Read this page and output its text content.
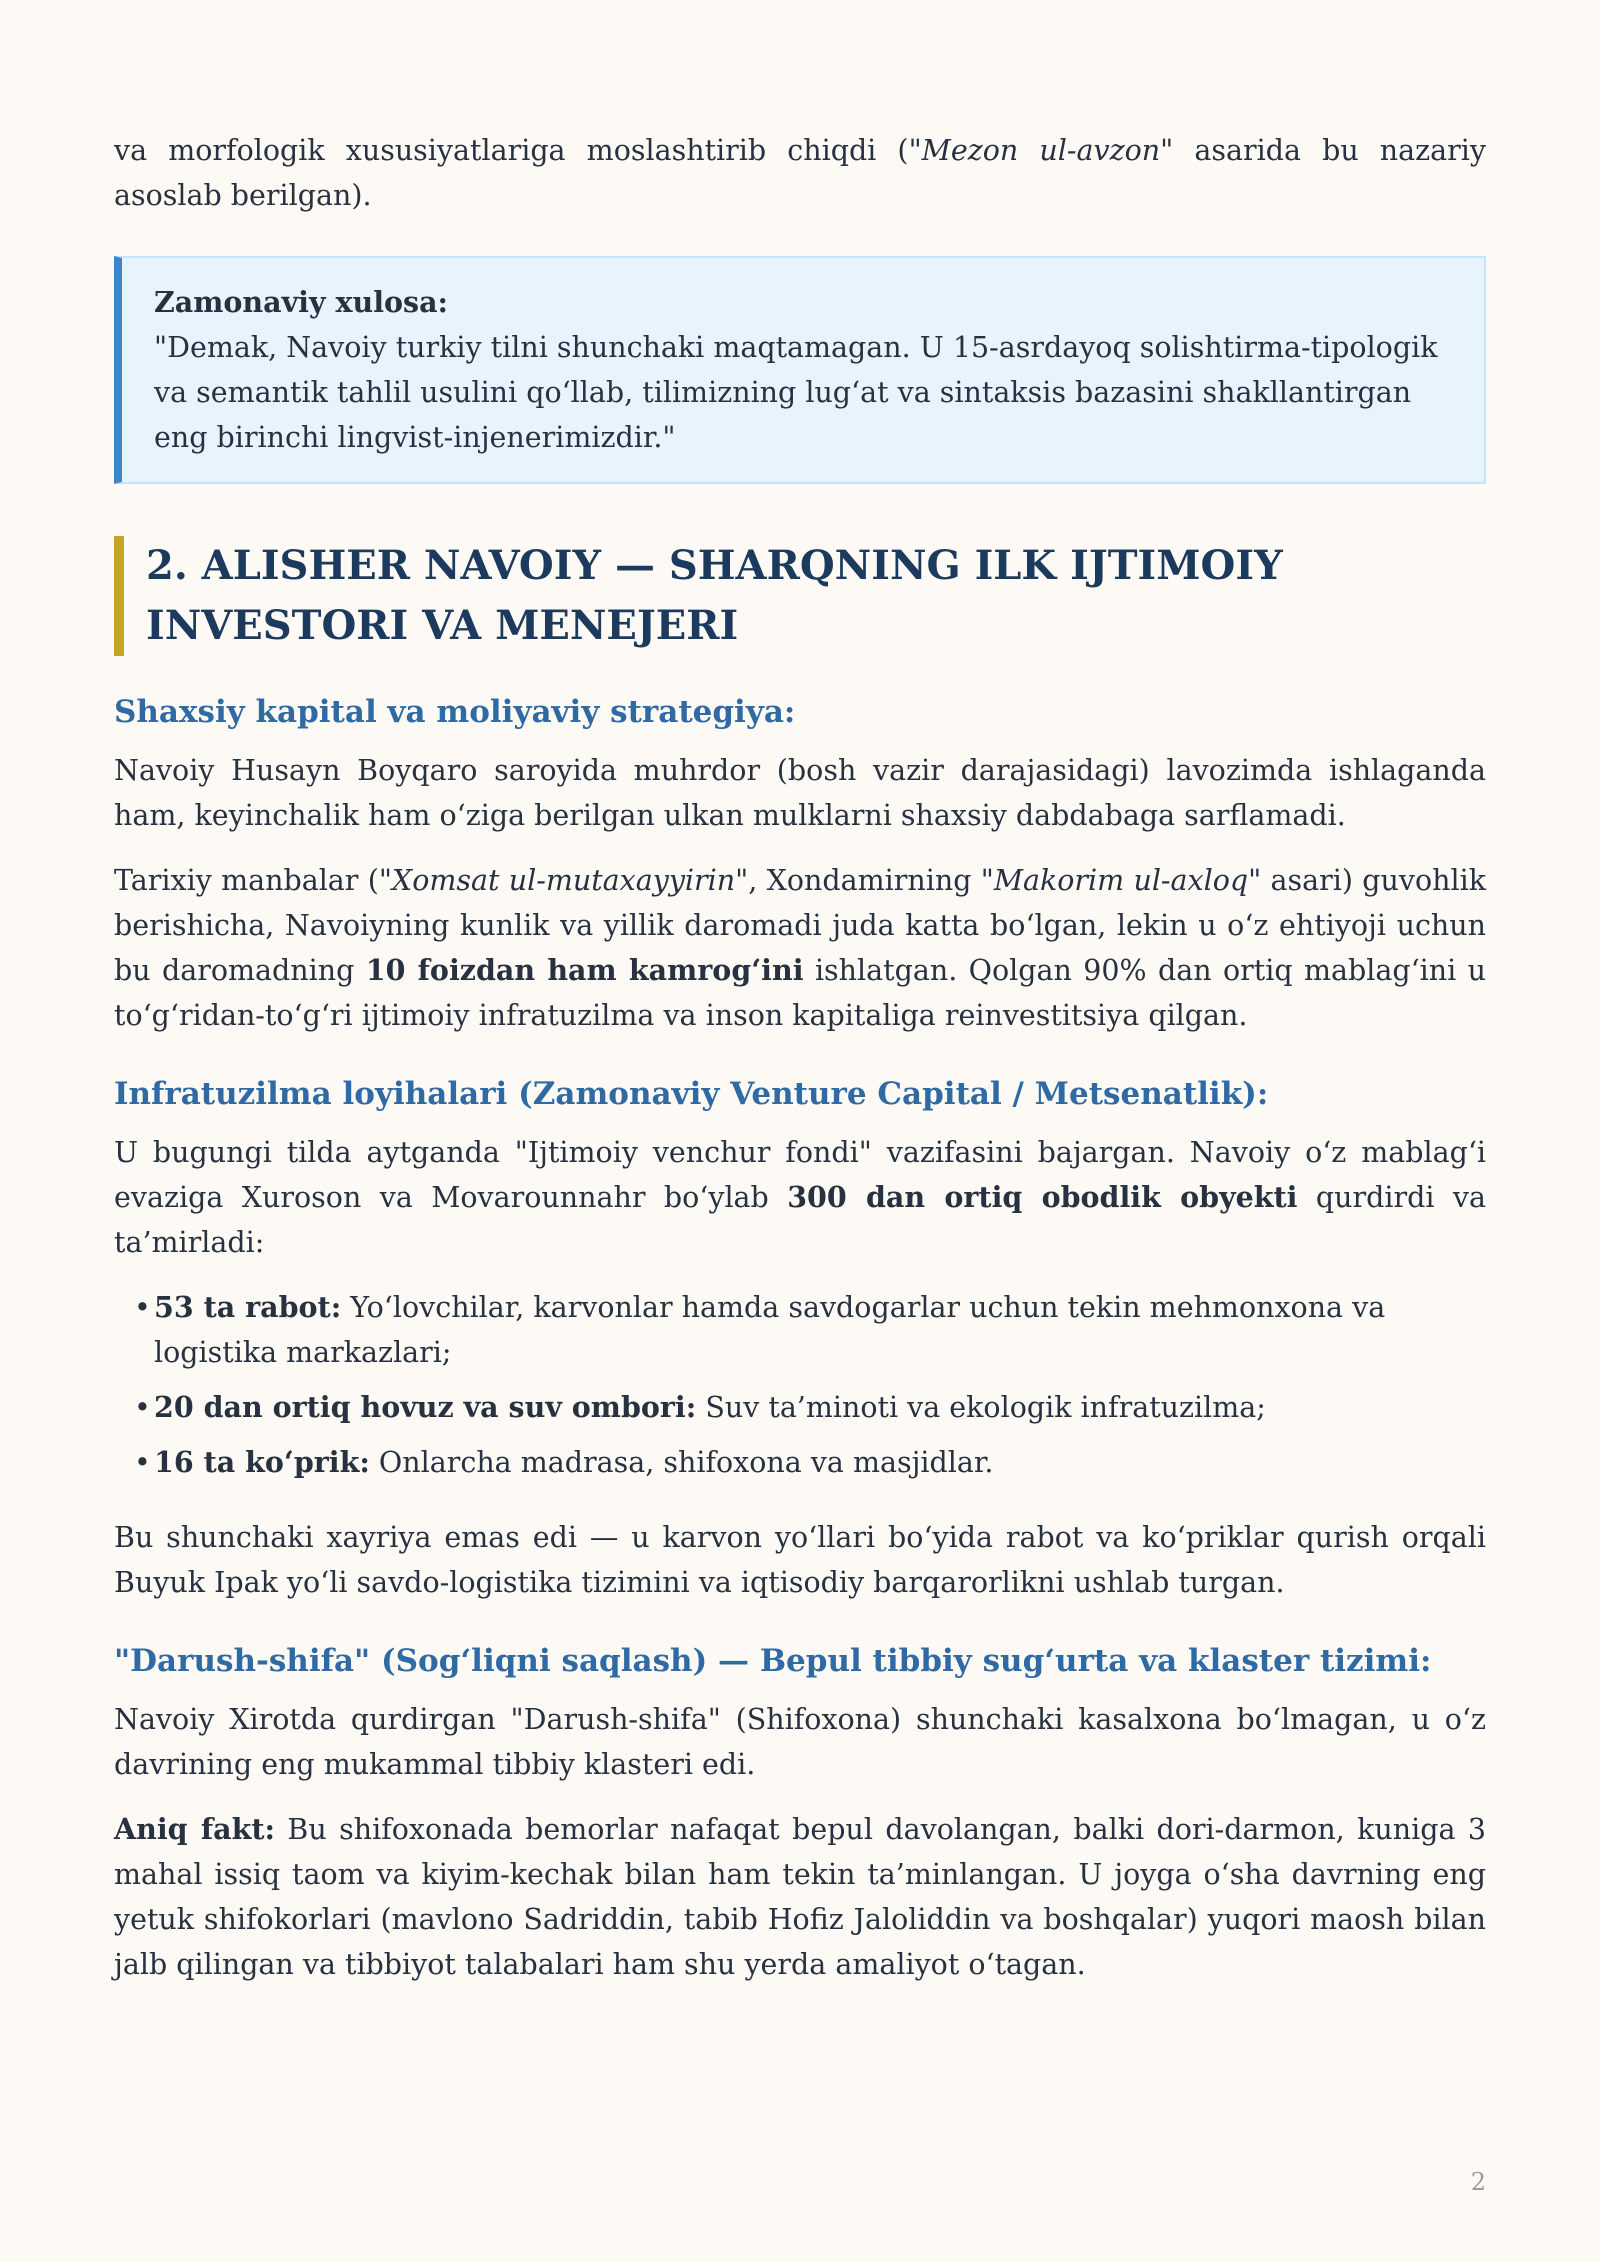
va morfologik xususiyatlariga moslashtirib chiqdi ("Mezon ul-avzon" asarida bu nazariy asoslab berilgan).

Zamonaviy xulosa:
"Demak, Navoiy turkiy tilni shunchaki maqtamagan. U 15-asrdayoq solishtirma-tipologik va semantik tahlil usulini qo‘llab, tilimizning lug‘at va sintaksis bazasini shakllantirgan eng birinchi lingvist-injenerimizdir."
2. ALISHER NAVOIY — SHARQNING ILK IJTIMOIY INVESTORI VA MENEJERI
Shaxsiy kapital va moliyaviy strategiya:

Navoiy Husayn Boyqaro saroyida muhrdor (bosh vazir darajasidagi) lavozimda ishlaganda ham, keyinchalik ham o‘ziga berilgan ulkan mulklarni shaxsiy dabdabaga sarflamadi.

Tarixiy manbalar ("Xomsat ul-mutaxayyirin", Xondamirning "Makorim ul-axloq" asari) guvohlik berishicha, Navoiyning kunlik va yillik daromadi juda katta bo‘lgan, lekin u o‘z ehtiyoji uchun bu daromadning 10 foizdan ham kamrog‘ini ishlatgan. Qolgan 90% dan ortiq mablag‘ini u to‘g‘ridan-to‘g‘ri ijtimoiy infratuzilma va inson kapitaliga reinvestitsiya qilgan.

Infratuzilma loyihalari (Zamonaviy Venture Capital / Metsenatlik):

U bugungi tilda aytganda "Ijtimoiy venchur fondi" vazifasini bajargan. Navoiy o‘z mablag‘i evaziga Xuroson va Movarounnahr bo‘ylab 300 dan ortiq obodlik obyekti qurdirdi va ta’mirladi:

• 53 ta rabot: Yo‘lovchilar, karvonlar hamda savdogarlar uchun tekin mehmonxona va logistika markazlari;
• 20 dan ortiq hovuz va suv ombori: Suv ta’minoti va ekologik infratuzilma;
• 16 ta ko‘prik: Onlarcha madrasa, shifoxona va masjidlar.

Bu shunchaki xayriya emas edi — u karvon yo‘llari bo‘yida rabot va ko‘priklar qurish orqali Buyuk Ipak yo‘li savdo-logistika tizimini va iqtisodiy barqarorlikni ushlab turgan.

"Darush-shifa" (Sog‘liqni saqlash) — Bepul tibbiy sug‘urta va klaster tizimi:

Navoiy Xirotda qurdirgan "Darush-shifa" (Shifoxona) shunchaki kasalxona bo‘lmagan, u o‘z davrining eng mukammal tibbiy klasteri edi.

Aniq fakt: Bu shifoxonada bemorlar nafaqat bepul davolangan, balki dori-darmon, kuniga 3 mahal issiq taom va kiyim-kechak bilan ham tekin ta’minlangan. U joyga o‘sha davrning eng yetuk shifokorlari (mavlono Sadriddin, tabib Hofiz Jaloliddin va boshqalar) yuqori maosh bilan jalb qilingan va tibbiyot talabalari ham shu yerda amaliyot o‘tagan.

2
